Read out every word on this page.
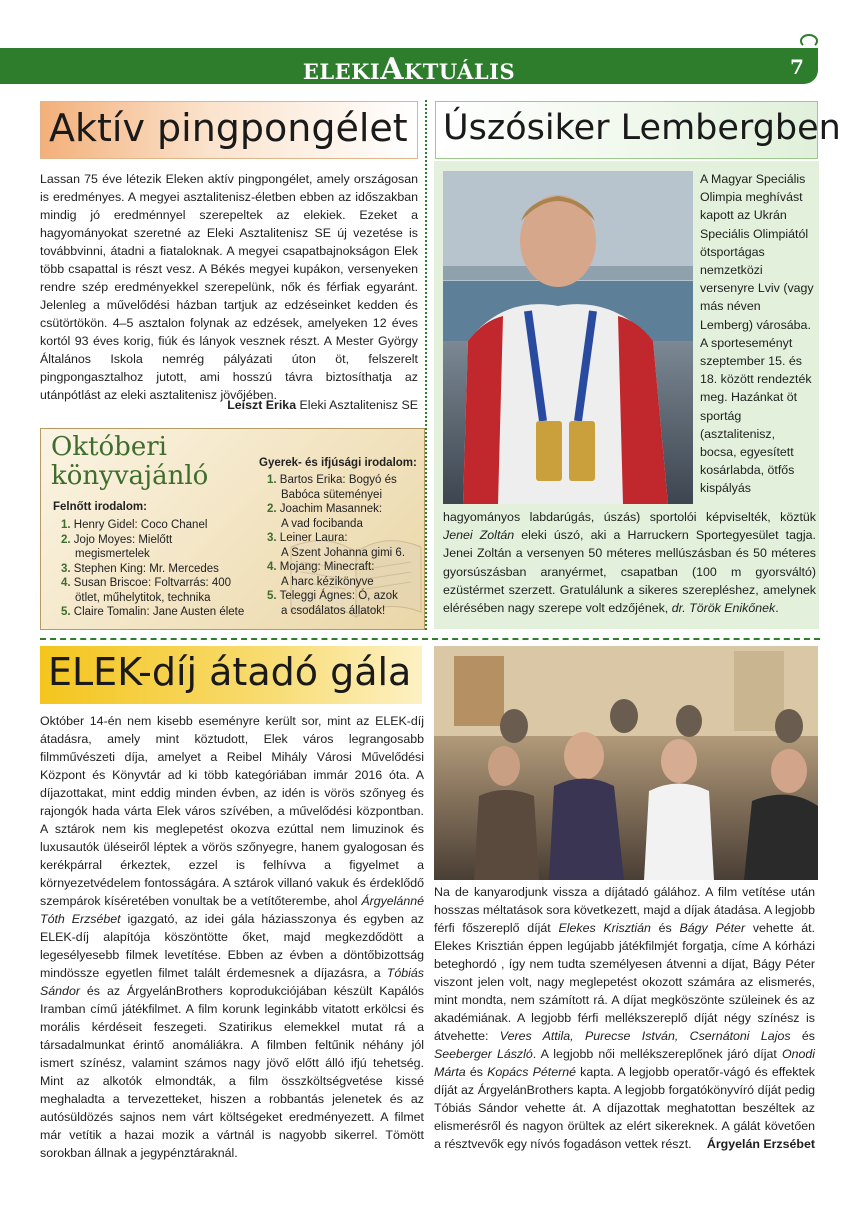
ELEKIAKTUÁLIS	7
Aktív pingpongélet
Lassan 75 éve létezik Eleken aktív pingpongélet, amely országosan is eredményes. A megyei asztalitenisz-életben ebben az időszakban mindig jó eredménnyel szerepeltek az elekiek. Ezeket a hagyományokat szeretné az Eleki Asztalitenisz SE új vezetése is továbbvinni, átadni a fiataloknak. A megyei csapatbajnokságon Elek több csapattal is részt vesz. A Békés megyei kupákon, versenyeken rendre szép eredményekkel szerepelünk, nők és férfiak egyaránt. Jelenleg a művelődési házban tartjuk az edzéseinket kedden és csütörtökön. 4–5 asztalon folynak az edzések, amelyeken 12 éves kortól 93 éves korig, fiúk és lányok vesznek részt. A Mester György Általános Iskola nemrég pályázati úton öt, felszerelt pingpongasztalhoz jutott, ami hosszú távra biztosíthatja az utánpótlást az eleki asztalitenisz jövőjében.
Leiszt Erika Eleki Asztalitenisz SE
Októberi
könyvajánló
Felnőtt irodalom:
1. Henry Gidel: Coco Chanel
2. Jojo Moyes: Mielőtt
megismertelek
3. Stephen King: Mr. Mercedes
4. Susan Briscoe: Foltvarrás: 400
ötlet, műhelytitok, technika
5. Claire Tomalin: Jane Austen élete
Gyerek- és ifjúsági irodalom:
1. Bartos Erika: Bogyó és
Babóca süteményei
2. Joachim Masannek:
A vad focibanda
3. Leiner Laura:
A Szent Johanna gimi 6.
4. Mojang: Minecraft:
A harc kézikönyve
5. Teleggi Ágnes: Ó, azok
a csodálatos állatok!
Úszósiker Lembergben
A Magyar Speciális Olimpia meghívást kapott az Ukrán Speciális Olimpiától ötsportágas nemzetközi versenyre Lviv (vagy más néven Lemberg) városába. A sporteseményt szeptember 15. és 18. között rendezték meg. Hazánkat öt sportág (asztalitenisz, bocsa, egyesített kosárlabda, ötfős kispályás
hagyományos labdarúgás, úszás) sportolói képviselték, köztük Jenei Zoltán eleki úszó, aki a Harruckern Sportegyesület tagja. Jenei Zoltán a versenyen 50 méteres mellúszásban és 50 méteres gyorsúszásban aranyérmet, csapatban (100 m gyorsváltó) ezüstérmet szerzett. Gratulálunk a sikeres szerepléshez, amelynek elérésében nagy szerepe volt edzőjének, dr. Török Enikőnek.
ELEK-díj átadó gála
Október 14-én nem kisebb eseményre került sor, mint az ELEK-díj átadásra, amely mint köztudott, Elek város legrangosabb filmművészeti díja, amelyet a Reibel Mihály Városi Művelődési Központ és Könyvtár ad ki több kategóriában immár 2016 óta. A díjazottakat, mint eddig minden évben, az idén is vörös szőnyeg és rajongók hada várta Elek város szívében, a művelődési központban. A sztárok nem kis meglepetést okozva ezúttal nem limuzinok és luxusautók üléseiről léptek a vörös szőnyegre, hanem gyalogosan és kerékpárral érkeztek, ezzel is felhívva a figyelmet a környezetvédelem fontosságára. A sztárok villanó vakuk és érdeklődő szempárok kíséretében vonultak be a vetítőterembe, ahol Árgyelánné Tóth Erzsébet igazgató, az idei gála háziasszonya és egyben az ELEK-díj alapítója köszöntötte őket, majd megkezdődött a legesélyesebb filmek levetítése. Ebben az évben a döntőbizottság mindössze egyetlen filmet talált érdemesnek a díjazásra, a Tóbiás Sándor és az ÁrgyelánBrothers koprodukciójában készült Kapálós Iramban című játékfilmet. A film korunk leginkább vitatott erkölcsi és morális kérdéseit feszegeti. Szatirikus elemekkel mutat rá a társadalmunkat érintő anomáliákra. A filmben feltűnik néhány jól ismert színész, valamint számos nagy jövő előtt álló ifjú tehetség. Mint az alkotók elmondták, a film összköltségvetése kissé meghaladta a tervezetteket, hiszen a robbantás jelenetek és az autósüldözés sajnos nem várt költségeket eredményezett. A filmet már vetítik a hazai mozik a vártnál is nagyobb sikerrel. Tömött sorokban állnak a jegypénztáraknál.
Na de kanyarodjunk vissza a díjátadó gálához. A film vetítése után hosszas méltatások sora következett, majd a díjak átadása. A legjobb férfi főszereplő díját Elekes Krisztián és Bágy Péter vehette át. Elekes Krisztián éppen legújabb játékfilmjét forgatja, címe A kórházi beteghordó , így nem tudta személyesen átvenni a díjat, Bágy Péter viszont jelen volt, nagy meglepetést okozott számára az elismerés, mint mondta, nem számított rá. A díjat megköszönte szüleinek és az akadémiának. A legjobb férfi mellékszereplő díját négy színész is átvehette: Veres Attila, Purecse István, Csernátoni Lajos és Seeberger László. A legjobb női mellékszereplőnek járó díjat Onodi Márta és Kopács Péterné kapta. A legjobb operatőr-vágó és effektek díját az ÁrgyelánBrothers kapta. A legjobb forgatókönyvíró díját pedig Tóbiás Sándor vehette át. A díjazottak meghatottan beszéltek az elismerésről és nagyon örültek az elért sikereknek. A gálát követően a résztvevők egy nívós fogadáson vettek részt. Árgyelán Erzsébet
